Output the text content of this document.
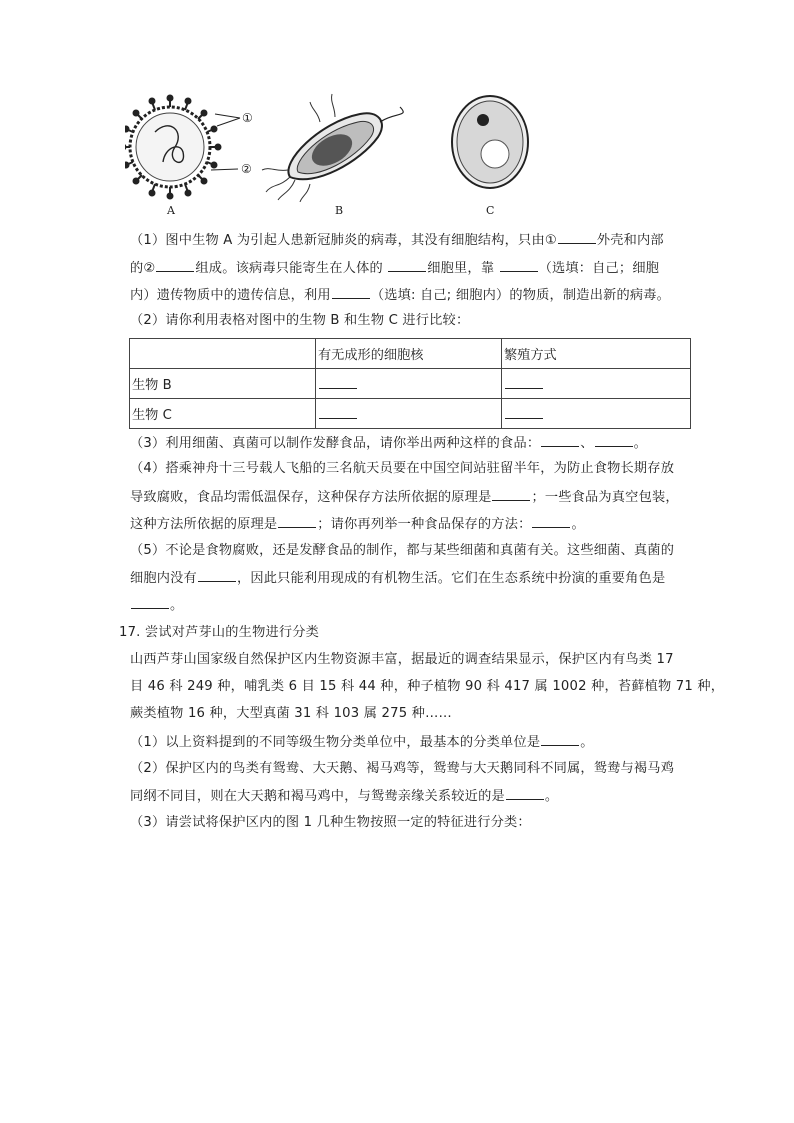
①
②
A	B	C
（1）图中生物 A 为引起人患新冠肺炎的病毒，其没有细胞结构，只由①	外壳和内部
的②	组成。该病毒只能寄生在人体的	细胞里，靠	（选填：自己；细胞
内）遗传物质中的遗传信息，利用	（选填: 自己; 细胞内）的物质，制造出新的病毒。
（2）请你利用表格对图中的生物 B 和生物 C 进行比较：
	有无成形的细胞核	繁殖方式
生物 B		
生物 C		
（3）利用细菌、真菌可以制作发酵食品，请你举出两种这样的食品：	、	。
（4）搭乘神舟十三号载人飞船的三名航天员要在中国空间站驻留半年，为防止食物长期存放
导致腐败，食品均需低温保存，这种保存方法所依据的原理是	；一些食品为真空包装，
这种方法所依据的原理是	；请你再列举一种食品保存的方法：	。
（5）不论是食物腐败，还是发酵食品的制作，都与某些细菌和真菌有关。这些细菌、真菌的
细胞内没有	，因此只能利用现成的有机物生活。它们在生态系统中扮演的重要角色是
。
17. 尝试对芦芽山的生物进行分类
山西芦芽山国家级自然保护区内生物资源丰富，据最近的调查结果显示，保护区内有鸟类 17
目 46 科 249 种，哺乳类 6 目 15 科 44 种，种子植物 90 科 417 属 1002 种，苔藓植物 71 种，
蕨类植物 16 种，大型真菌 31 科 103 属 275 种……
（1）以上资料提到的不同等级生物分类单位中，最基本的分类单位是	。
（2）保护区内的鸟类有鸳鸯、大天鹅、褐马鸡等，鸳鸯与大天鹅同科不同属，鸳鸯与褐马鸡
同纲不同目，则在大天鹅和褐马鸡中，与鸳鸯亲缘关系较近的是	。
（3）请尝试将保护区内的图 1 几种生物按照一定的特征进行分类：
